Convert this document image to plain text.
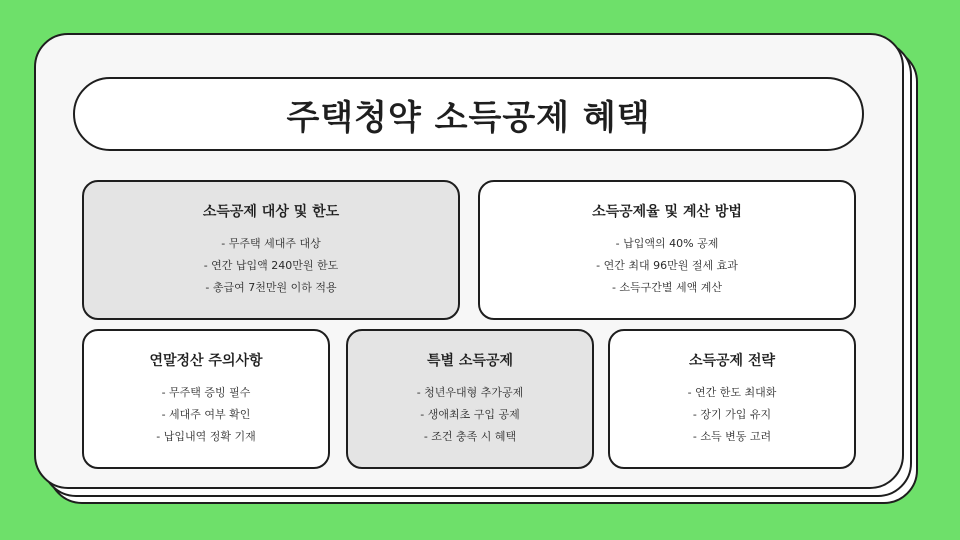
주택청약 소득공제 혜택
소득공제 대상 및 한도
- 무주택 세대주 대상
- 연간 납입액 240만원 한도
- 총급여 7천만원 이하 적용
소득공제율 및 계산 방법
- 납입액의 40% 공제
- 연간 최대 96만원 절세 효과
- 소득구간별 세액 계산
연말정산 주의사항
- 무주택 증빙 필수
- 세대주 여부 확인
- 납입내역 정확 기재
특별 소득공제
- 청년우대형 추가공제
- 생애최초 구입 공제
- 조건 충족 시 혜택
소득공제 전략
- 연간 한도 최대화
- 장기 가입 유지
- 소득 변동 고려
